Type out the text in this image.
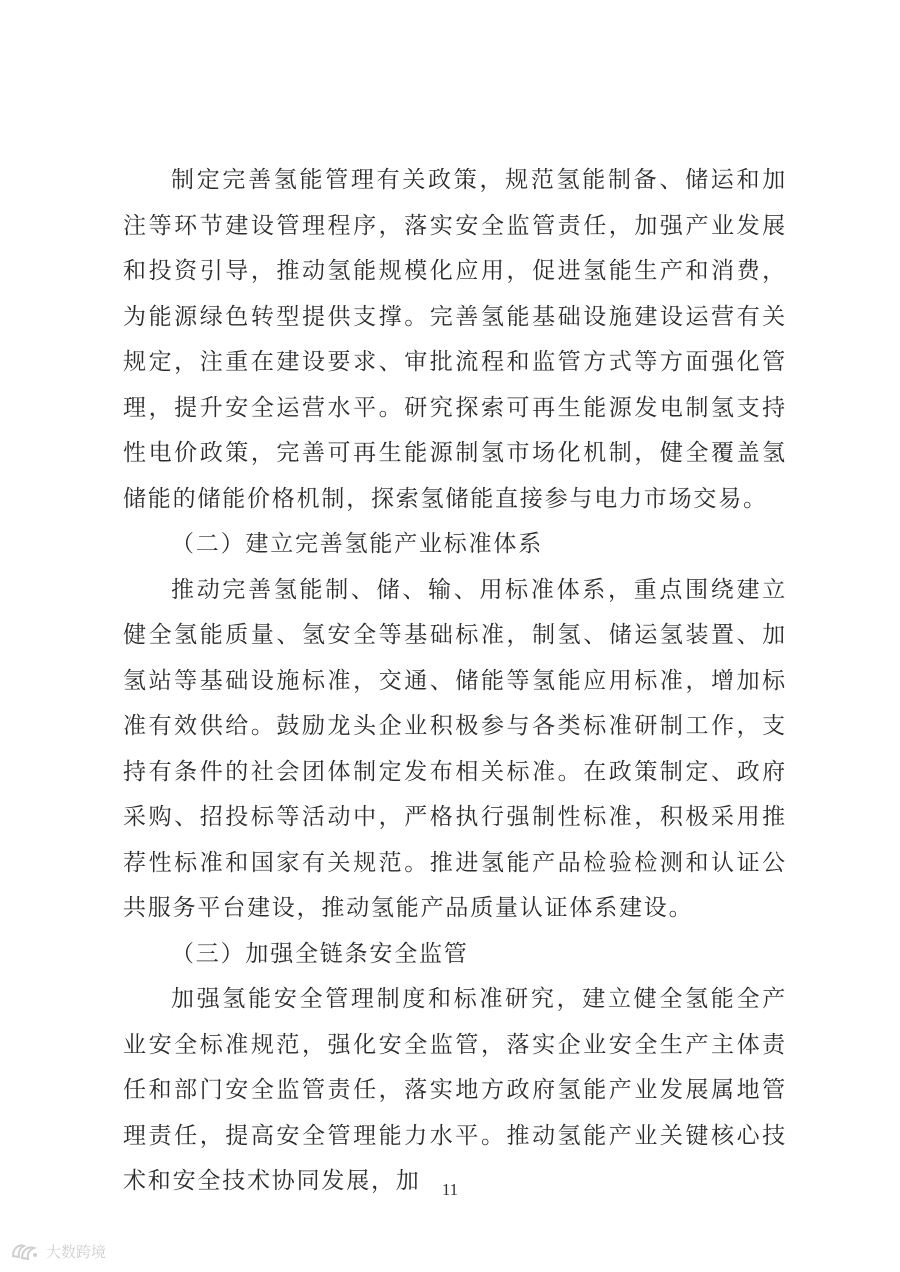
制定完善氢能管理有关政策，规范氢能制备、储运和加注等环节建设管理程序，落实安全监管责任，加强产业发展和投资引导，推动氢能规模化应用，促进氢能生产和消费，为能源绿色转型提供支撑。完善氢能基础设施建设运营有关规定，注重在建设要求、审批流程和监管方式等方面强化管理，提升安全运营水平。研究探索可再生能源发电制氢支持性电价政策，完善可再生能源制氢市场化机制，健全覆盖氢储能的储能价格机制，探索氢储能直接参与电力市场交易。

（二）建立完善氢能产业标准体系

推动完善氢能制、储、输、用标准体系，重点围绕建立健全氢能质量、氢安全等基础标准，制氢、储运氢装置、加氢站等基础设施标准，交通、储能等氢能应用标准，增加标准有效供给。鼓励龙头企业积极参与各类标准研制工作，支持有条件的社会团体制定发布相关标准。在政策制定、政府采购、招投标等活动中，严格执行强制性标准，积极采用推荐性标准和国家有关规范。推进氢能产品检验检测和认证公共服务平台建设，推动氢能产品质量认证体系建设。

（三）加强全链条安全监管

加强氢能安全管理制度和标准研究，建立健全氢能全产业安全标准规范，强化安全监管，落实企业安全生产主体责任和部门安全监管责任，落实地方政府氢能产业发展属地管理责任，提高安全管理能力水平。推动氢能产业关键核心技术和安全技术协同发展，加	11
大数跨境
